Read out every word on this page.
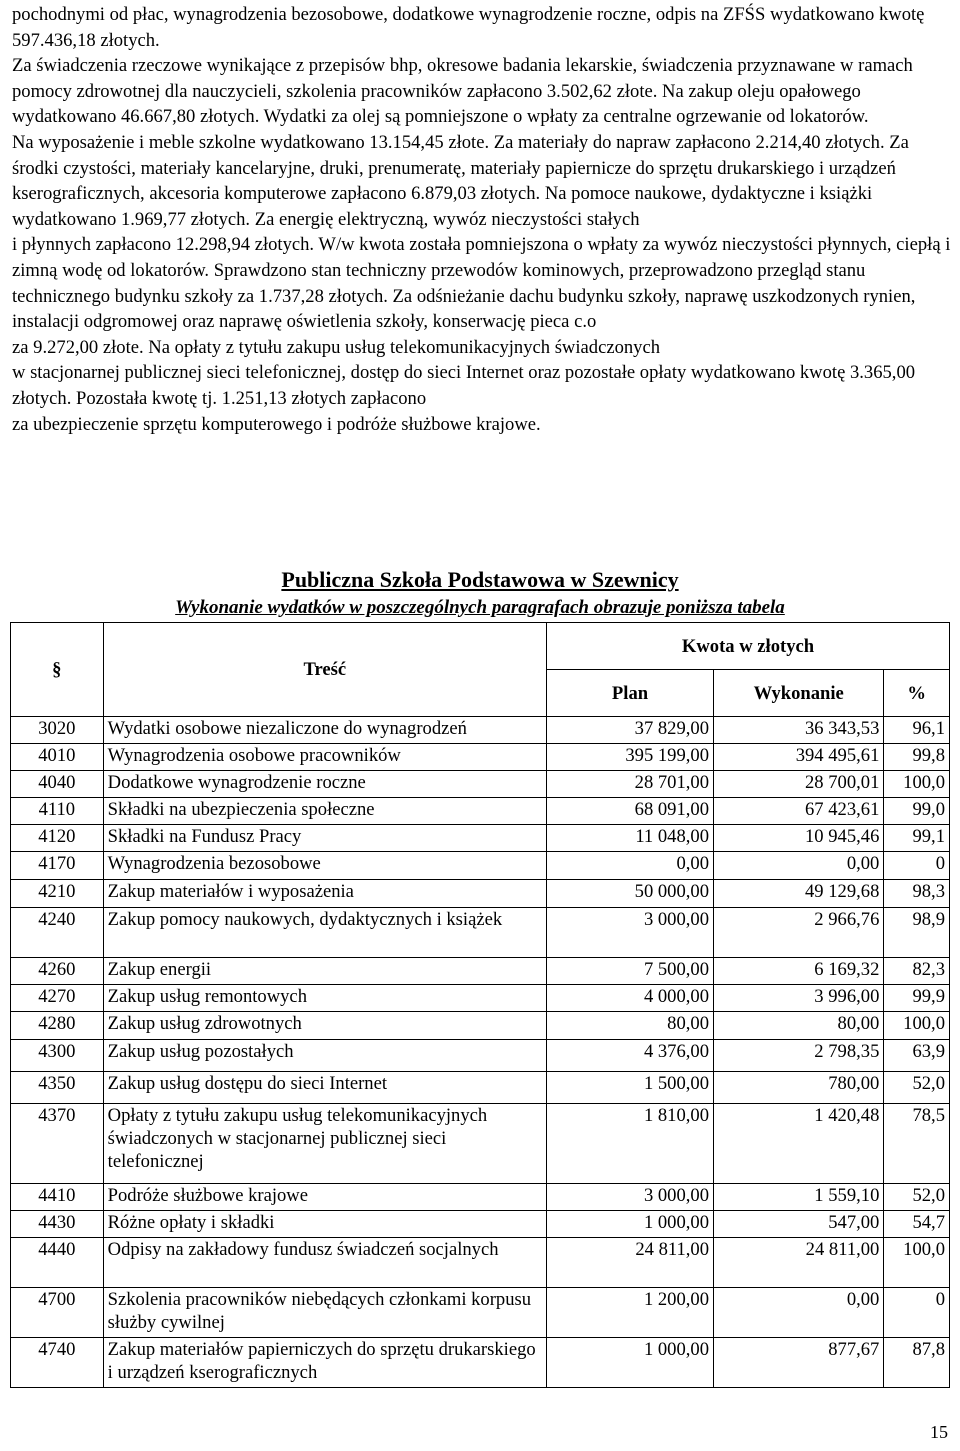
pochodnymi od płac, wynagrodzenia bezosobowe, dodatkowe wynagrodzenie roczne, odpis na ZFŚS wydatkowano kwotę 597.436,18 złotych.

Za świadczenia rzeczowe wynikające z przepisów bhp, okresowe badania lekarskie, świadczenia przyznawane w ramach pomocy zdrowotnej dla nauczycieli, szkolenia pracowników zapłacono 3.502,62 złote. Na zakup oleju opałowego wydatkowano 46.667,80 złotych. Wydatki za olej są pomniejszone o wpłaty za centralne ogrzewanie od lokatorów.

Na wyposażenie i meble szkolne wydatkowano 13.154,45 złote. Za materiały do napraw zapłacono 2.214,40 złotych. Za środki czystości, materiały kancelaryjne, druki, prenumeratę, materiały papiernicze do sprzętu drukarskiego i urządzeń kserograficznych, akcesoria komputerowe zapłacono 6.879,03 złotych. Na pomoce naukowe, dydaktyczne i książki wydatkowano 1.969,77 złotych. Za energię elektryczną, wywóz nieczystości stałych

i płynnych zapłacono 12.298,94 złotych. W/w kwota została pomniejszona o wpłaty za wywóz nieczystości płynnych, ciepłą i zimną wodę od lokatorów. Sprawdzono stan techniczny przewodów kominowych, przeprowadzono przegląd stanu technicznego budynku szkoły za 1.737,28 złotych. Za odśnieżanie dachu budynku szkoły, naprawę uszkodzonych rynien, instalacji odgromowej oraz naprawę oświetlenia szkoły, konserwację pieca c.o

za 9.272,00 złote. Na opłaty z tytułu zakupu usług telekomunikacyjnych świadczonych

w stacjonarnej publicznej sieci telefonicznej, dostęp do sieci Internet oraz pozostałe opłaty wydatkowano kwotę 3.365,00 złotych. Pozostała kwotę tj. 1.251,13 złotych zapłacono

za ubezpieczenie sprzętu komputerowego i podróże służbowe krajowe.

Publiczna Szkoła Podstawowa w Szewnicy
Wykonanie wydatków w poszczególnych paragrafach obrazuje poniższa tabela
§	Treść	Kwota w złotych		
		Plan	Wykonanie	%
3020	Wydatki osobowe niezaliczone do wynagrodzeń	37 829,00	36 343,53	96,1
4010	Wynagrodzenia osobowe pracowników	395 199,00	394 495,61	99,8
4040	Dodatkowe wynagrodzenie roczne	28 701,00	28 700,01	100,0
4110	Składki na ubezpieczenia społeczne	68 091,00	67 423,61	99,0
4120	Składki na Fundusz Pracy	11 048,00	10 945,46	99,1
4170	Wynagrodzenia bezosobowe	0,00	0,00	0
4210	Zakup materiałów i wyposażenia	50 000,00	49 129,68	98,3
4240	Zakup pomocy naukowych, dydaktycznych i książek	3 000,00	2 966,76	98,9
4260	Zakup energii	7 500,00	6 169,32	82,3
4270	Zakup usług remontowych	4 000,00	3 996,00	99,9
4280	Zakup usług zdrowotnych	80,00	80,00	100,0
4300	Zakup usług pozostałych	4 376,00	2 798,35	63,9
4350	Zakup usług dostępu do sieci Internet	1 500,00	780,00	52,0
4370	Opłaty z tytułu zakupu usług telekomunikacyjnych świadczonych w stacjonarnej publicznej sieci telefonicznej	1 810,00	1 420,48	78,5
4410	Podróże służbowe krajowe	3 000,00	1 559,10	52,0
4430	Różne opłaty i składki	1 000,00	547,00	54,7
4440	Odpisy na zakładowy fundusz świadczeń socjalnych	24 811,00	24 811,00	100,0
4700	Szkolenia pracowników niebędących członkami korpusu służby cywilnej	1 200,00	0,00	0
4740	Zakup materiałów papierniczych do sprzętu drukarskiego i urządzeń kserograficznych	1 000,00	877,67	87,8
15
